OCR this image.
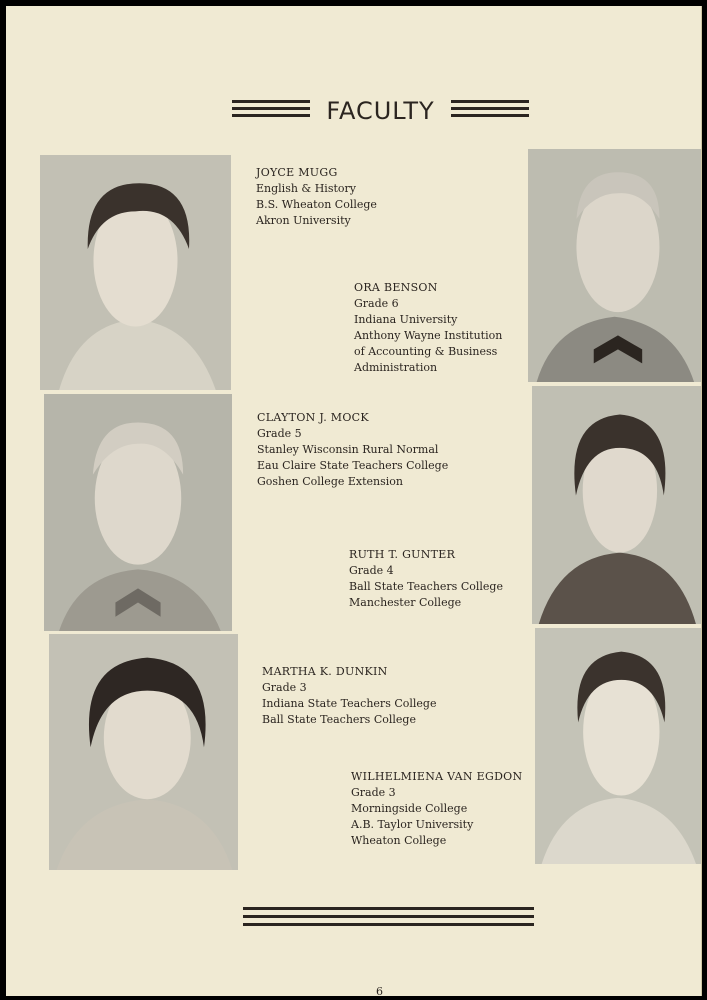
FACULTY
JOYCE MUGG
English & History
B.S. Wheaton College
Akron University
ORA BENSON
Grade 6
Indiana University
Anthony Wayne Institution
of Accounting & Business
Administration
CLAYTON J. MOCK
Grade 5
Stanley Wisconsin Rural Normal
Eau Claire State Teachers College
Goshen College Extension
RUTH T. GUNTER
Grade 4
Ball State Teachers College
Manchester College
MARTHA K. DUNKIN
Grade 3
Indiana State Teachers College
Ball State Teachers College
WILHELMIENA VAN EGDON
Grade 3
Morningside College
A.B. Taylor University
Wheaton College
6
